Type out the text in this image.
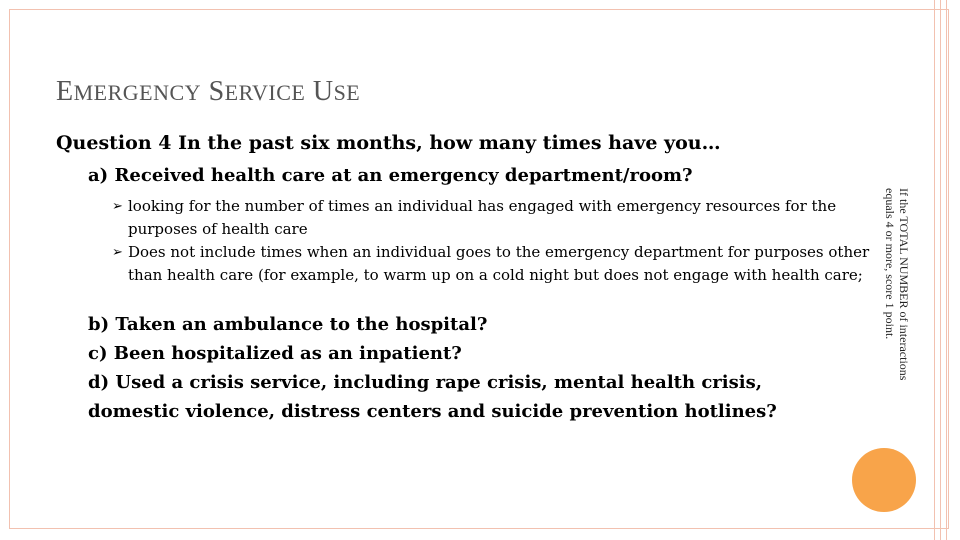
EMERGENCY SERVICE USE
Question 4 In the past six months, how many times have you…
a) Received health care at an emergency department/room?
➢ looking for the number of times an individual has engaged with emergency resources for the purposes of health care
➢ Does not include times when an individual goes to the emergency department for purposes other than health care (for example, to warm up on a cold night but does not engage with health care;
b) Taken an ambulance to the hospital?
c) Been hospitalized as an inpatient?
d) Used a crisis service, including rape crisis, mental health crisis, domestic violence, distress centers and suicide prevention hotlines?
If the TOTAL NUMBER of interactions equals 4 or more, score 1 point.
